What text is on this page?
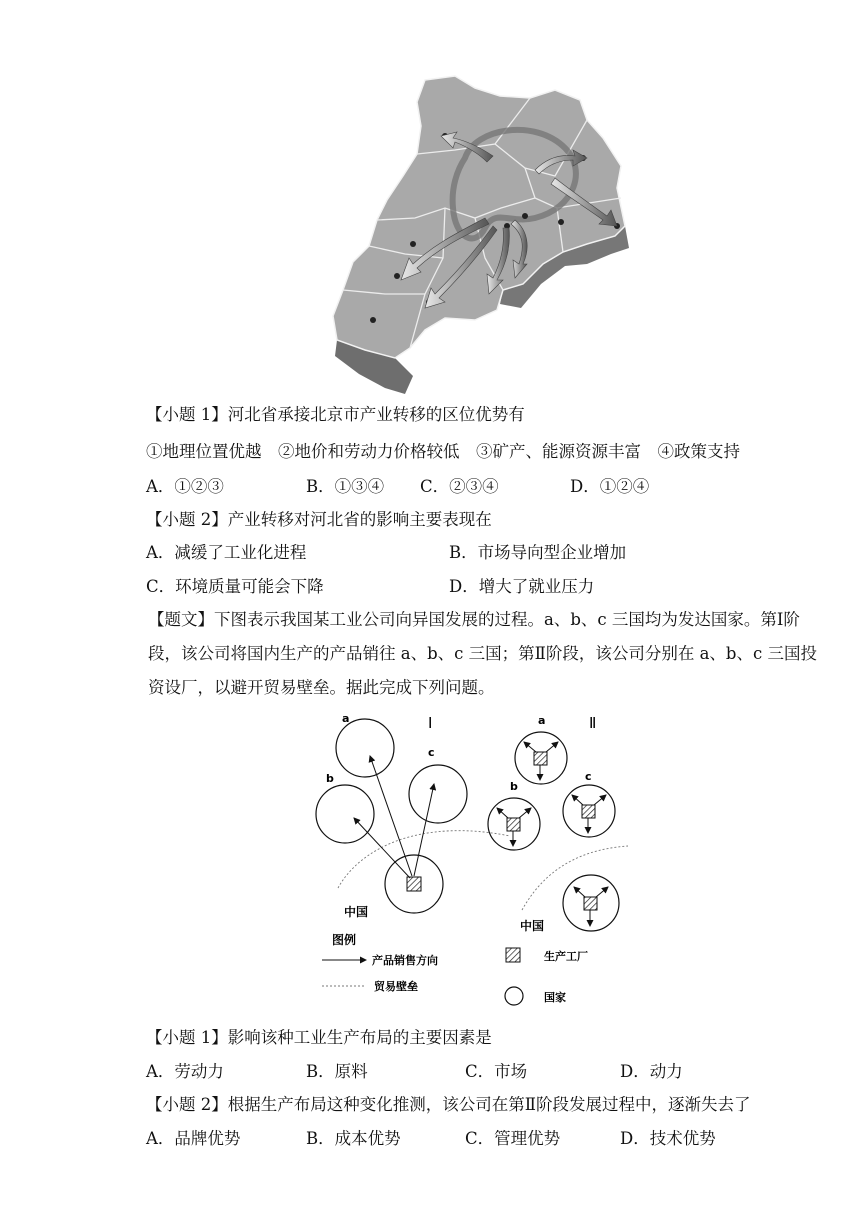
【小题 1】河北省承接北京市产业转移的区位优势有
①地理位置优越　②地价和劳动力价格较低　③矿产、能源资源丰富　④政策支持
A．①②③	B．①③④ C．②③④	D．①②④
【小题 2】产业转移对河北省的影响主要表现在
A．减缓了工业化进程	B．市场导向型企业增加
C．环境质量可能会下降	D．增大了就业压力
【题文】下图表示我国某工业公司向异国发展的过程。a、b、c 三国均为发达国家。第Ⅰ阶段，该公司将国内生产的产品销往 a、b、c 三国；第Ⅱ阶段，该公司分别在 a、b、c 三国投资设厂，以避开贸易壁垒。据此完成下列问题。
Ⅰ
a
c
b
中国
Ⅱ
a
c
b
中国
图例
产品销售方向
贸易壁垒
生产工厂
国家
【小题 1】影响该种工业生产布局的主要因素是
A．劳动力	B．原料	C．市场	D．动力
【小题 2】根据生产布局这种变化推测，该公司在第Ⅱ阶段发展过程中，逐渐失去了
A．品牌优势	B．成本优势	C．管理优势	D．技术优势
